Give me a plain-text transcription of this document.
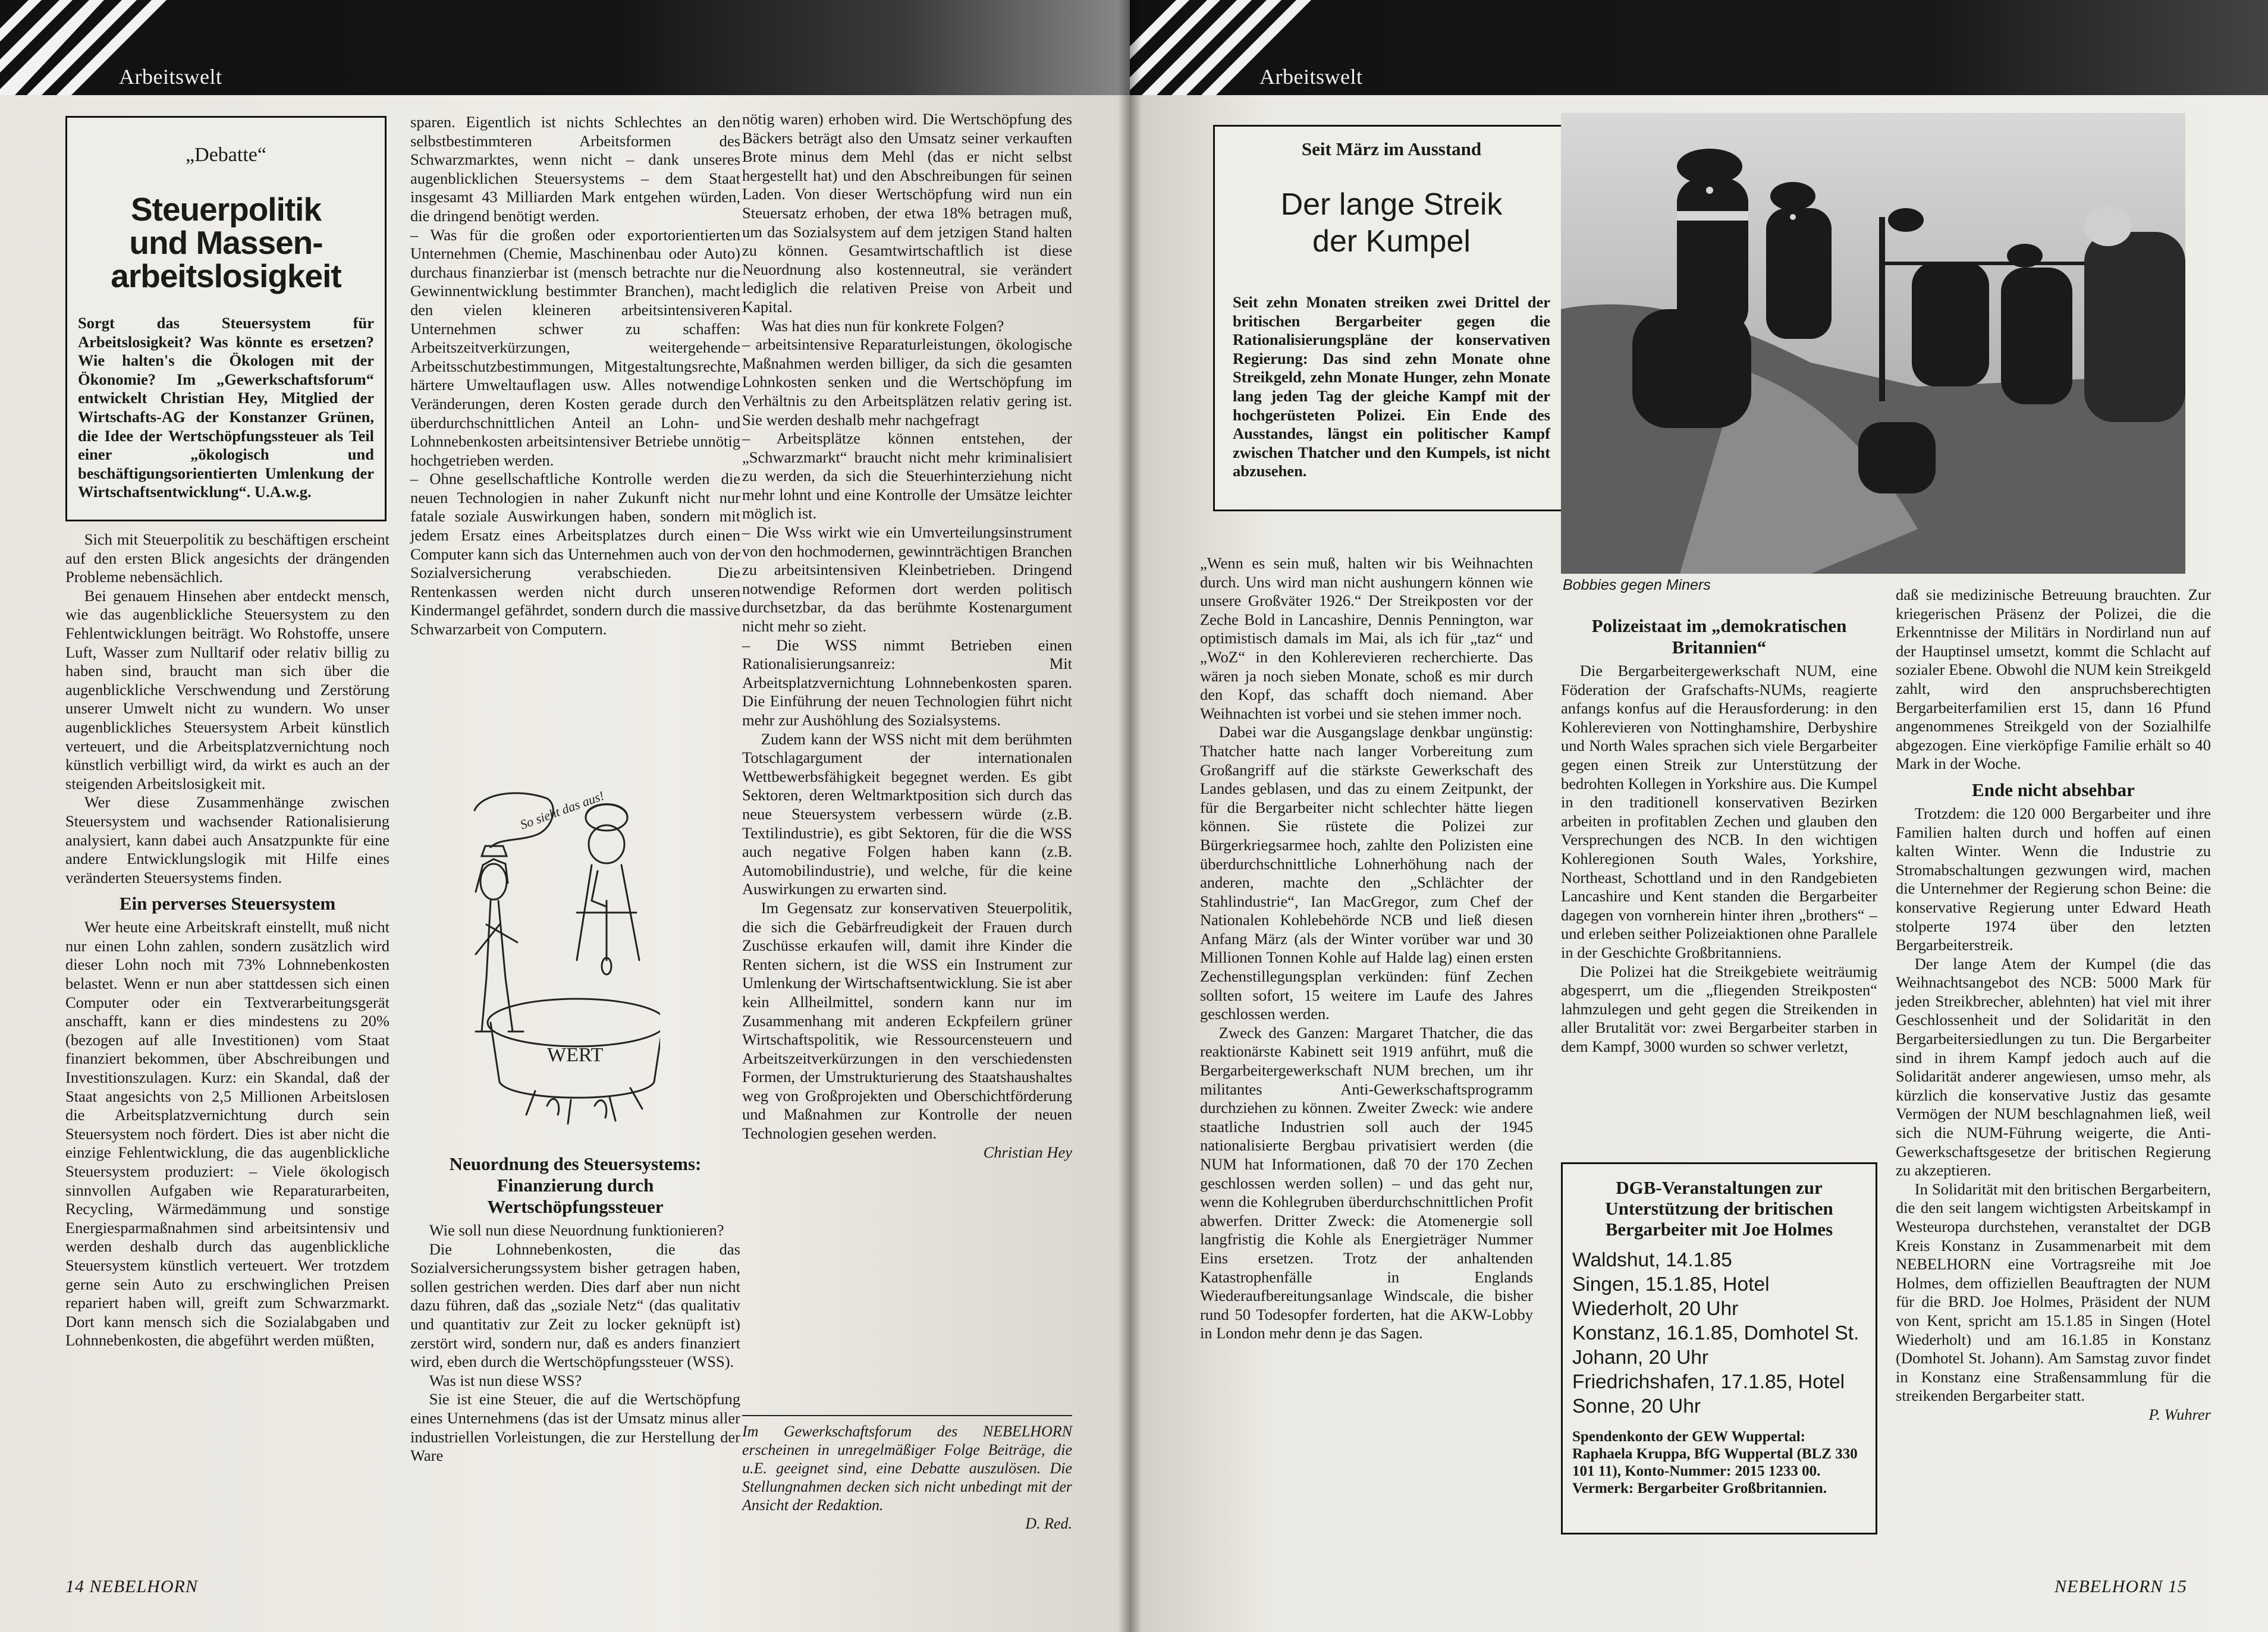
Arbeitswelt
„Debatte“
Steuerpolitik
und Massen-
arbeitslosigkeit
Sorgt das Steuersystem für Arbeitslosigkeit? Was könnte es ersetzen? Wie halten's die Ökologen mit der Ökonomie? Im „Gewerkschaftsforum“ entwickelt Christian Hey, Mitglied der Wirtschafts-AG der Konstanzer Grünen, die Idee der Wertschöpfungssteuer als Teil einer „ökologisch und beschäftigungsorientierten Umlenkung der Wirtschaftsentwicklung“. U.A.w.g.

Sich mit Steuerpolitik zu beschäftigen erscheint auf den ersten Blick angesichts der drängenden Probleme nebensächlich.

Bei genauem Hinsehen aber entdeckt mensch, wie das augenblickliche Steuersystem zu den Fehlentwicklungen beiträgt. Wo Rohstoffe, unsere Luft, Wasser zum Nulltarif oder relativ billig zu haben sind, braucht man sich über die augenblickliche Verschwendung und Zerstörung unserer Umwelt nicht zu wundern. Wo unser augenblickliches Steuersystem Arbeit künstlich verteuert, und die Arbeitsplatzvernichtung noch künstlich verbilligt wird, da wirkt es auch an der steigenden Arbeitslosigkeit mit.

Wer diese Zusammenhänge zwischen Steuersystem und wachsender Rationalisierung analysiert, kann dabei auch Ansatzpunkte für eine andere Entwicklungslogik mit Hilfe eines veränderten Steuersystems finden.

Ein perverses Steuersystem

Wer heute eine Arbeitskraft einstellt, muß nicht nur einen Lohn zahlen, sondern zusätzlich wird dieser Lohn noch mit 73% Lohnnebenkosten belastet. Wenn er nun aber stattdessen sich einen Computer oder ein Textverarbeitungsgerät anschafft, kann er dies mindestens zu 20% (bezogen auf alle Investitionen) vom Staat finanziert bekommen, über Abschreibungen und Investitionszulagen. Kurz: ein Skandal, daß der Staat angesichts von 2,5 Millionen Arbeitslosen die Arbeitsplatzvernichtung durch sein Steuersystem noch fördert. Dies ist aber nicht die einzige Fehlentwicklung, die das augenblickliche Steuersystem produziert: – Viele ökologisch sinnvollen Aufgaben wie Reparaturarbeiten, Recycling, Wärmedämmung und sonstige Energiesparmaßnahmen sind arbeitsintensiv und werden deshalb durch das augenblickliche Steuersystem künstlich verteuert. Wer trotzdem gerne sein Auto zu erschwinglichen Preisen repariert haben will, greift zum Schwarzmarkt. Dort kann mensch sich die Sozialabgaben und Lohnnebenkosten, die abgeführt werden müßten,

sparen. Eigentlich ist nichts Schlechtes an den selbstbestimmteren Arbeitsformen des Schwarzmarktes, wenn nicht – dank unseres augenblicklichen Steuersystems – dem Staat insgesamt 43 Milliarden Mark entgehen würden, die dringend benötigt werden.

– Was für die großen oder exportorientierten Unternehmen (Chemie, Maschinenbau oder Auto) durchaus finanzierbar ist (mensch betrachte nur die Gewinnentwicklung bestimmter Branchen), macht den vielen kleineren arbeitsintensiveren Unternehmen schwer zu schaffen: Arbeitszeitverkürzungen, weitergehende Arbeitsschutzbestimmungen, Mitgestaltungsrechte, härtere Umweltauflagen usw. Alles notwendige Veränderungen, deren Kosten gerade durch den überdurchschnittlichen Anteil an Lohn- und Lohnnebenkosten arbeitsintensiver Betriebe unnötig hochgetrieben werden.

– Ohne gesellschaftliche Kontrolle werden die neuen Technologien in naher Zukunft nicht nur fatale soziale Auswirkungen haben, sondern mit jedem Ersatz eines Arbeitsplatzes durch einen Computer kann sich das Unternehmen auch von der Sozialversicherung verabschieden. Die Rentenkassen werden nicht durch unseren Kindermangel gefährdet, sondern durch die massive Schwarzarbeit von Computern.

So sieht das aus!
WERT
Neuordnung des Steuersystems: Finanzierung durch Wertschöpfungssteuer

Wie soll nun diese Neuordnung funktionieren?

Die Lohnnebenkosten, die das Sozialversicherungssystem bisher getragen haben, sollen gestrichen werden. Dies darf aber nun nicht dazu führen, daß das „soziale Netz“ (das qualitativ und quantitativ zur Zeit zu locker geknüpft ist) zerstört wird, sondern nur, daß es anders finanziert wird, eben durch die Wertschöpfungssteuer (WSS).

Was ist nun diese WSS?

Sie ist eine Steuer, die auf die Wertschöpfung eines Unternehmens (das ist der Umsatz minus aller industriellen Vorleistungen, die zur Herstellung der Ware

nötig waren) erhoben wird. Die Wertschöpfung des Bäckers beträgt also den Umsatz seiner verkauften Brote minus dem Mehl (das er nicht selbst hergestellt hat) und den Abschreibungen für seinen Laden. Von dieser Wertschöpfung wird nun ein Steuersatz erhoben, der etwa 18% betragen muß, um das Sozialsystem auf dem jetzigen Stand halten zu können. Gesamtwirtschaftlich ist diese Neuordnung also kostenneutral, sie verändert lediglich die relativen Preise von Arbeit und Kapital.

Was hat dies nun für konkrete Folgen?

– arbeitsintensive Reparaturleistungen, ökologische Maßnahmen werden billiger, da sich die gesamten Lohnkosten senken und die Wertschöpfung im Verhältnis zu den Arbeitsplätzen relativ gering ist. Sie werden deshalb mehr nachgefragt

– Arbeitsplätze können entstehen, der „Schwarzmarkt“ braucht nicht mehr kriminalisiert zu werden, da sich die Steuerhinterziehung nicht mehr lohnt und eine Kontrolle der Umsätze leichter möglich ist.

– Die Wss wirkt wie ein Umverteilungsinstrument von den hochmodernen, gewinnträchtigen Branchen zu arbeitsintensiven Kleinbetrieben. Dringend notwendige Reformen dort werden politisch durchsetzbar, da das berühmte Kostenargument nicht mehr so zieht.

– Die WSS nimmt Betrieben einen Rationalisierungsanreiz: Mit Arbeitsplatzvernichtung Lohnnebenkosten sparen. Die Einführung der neuen Technologien führt nicht mehr zur Aushöhlung des Sozialsystems.

Zudem kann der WSS nicht mit dem berühmten Totschlagargument der internationalen Wettbewerbsfähigkeit begegnet werden. Es gibt Sektoren, deren Weltmarktposition sich durch das neue Steuersystem verbessern würde (z.B. Textilindustrie), es gibt Sektoren, für die die WSS auch negative Folgen haben kann (z.B. Automobilindustrie), und welche, für die keine Auswirkungen zu erwarten sind.

Im Gegensatz zur konservativen Steuerpolitik, die sich die Gebärfreudigkeit der Frauen durch Zuschüsse erkaufen will, damit ihre Kinder die Renten sichern, ist die WSS ein Instrument zur Umlenkung der Wirtschaftsentwicklung. Sie ist aber kein Allheilmittel, sondern kann nur im Zusammenhang mit anderen Eckpfeilern grüner Wirtschaftspolitik, wie Ressourcensteuern und Arbeitszeitverkürzungen in den verschiedensten Formen, der Umstrukturierung des Staatshaushaltes weg von Großprojekten und Oberschichtförderung und Maßnahmen zur Kontrolle der neuen Technologien gesehen werden.

Christian Hey

Im Gewerkschaftsforum des NEBELHORN erscheinen in unregelmäßiger Folge Beiträge, die u.E. geeignet sind, eine Debatte auszulösen. Die Stellungnahmen decken sich nicht unbedingt mit der Ansicht der Redaktion.
D. Red.
14 NEBELHORN
Arbeitswelt
Seit März im Ausstand
Der lange Streik
der Kumpel
Seit zehn Monaten streiken zwei Drittel der britischen Bergarbeiter gegen die Rationalisierungspläne der konservativen Regierung: Das sind zehn Monate ohne Streikgeld, zehn Monate Hunger, zehn Monate lang jeden Tag der gleiche Kampf mit der hochgerüsteten Polizei. Ein Ende des Ausstandes, längst ein politischer Kampf zwischen Thatcher und den Kumpels, ist nicht abzusehen.
Bobbies gegen Miners

„Wenn es sein muß, halten wir bis Weihnachten durch. Uns wird man nicht aushungern können wie unsere Großväter 1926.“ Der Streikposten vor der Zeche Bold in Lancashire, Dennis Pennington, war optimistisch damals im Mai, als ich für „taz“ und „WoZ“ in den Kohlerevieren recherchierte. Das wären ja noch sieben Monate, schoß es mir durch den Kopf, das schafft doch niemand. Aber Weihnachten ist vorbei und sie stehen immer noch.

Dabei war die Ausgangslage denkbar ungünstig: Thatcher hatte nach langer Vorbereitung zum Großangriff auf die stärkste Gewerkschaft des Landes geblasen, und das zu einem Zeitpunkt, der für die Bergarbeiter nicht schlechter hätte liegen können. Sie rüstete die Polizei zur Bürgerkriegsarmee hoch, zahlte den Polizisten eine überdurchschnittliche Lohnerhöhung nach der anderen, machte den „Schlächter der Stahlindustrie“, Ian MacGregor, zum Chef der Nationalen Kohlebehörde NCB und ließ diesen Anfang März (als der Winter vorüber war und 30 Millionen Tonnen Kohle auf Halde lag) einen ersten Zechenstillegungsplan verkünden: fünf Zechen sollten sofort, 15 weitere im Laufe des Jahres geschlossen werden.

Zweck des Ganzen: Margaret Thatcher, die das reaktionärste Kabinett seit 1919 anführt, muß die Bergarbeitergewerkschaft NUM brechen, um ihr militantes Anti-Gewerkschaftsprogramm durchziehen zu können. Zweiter Zweck: wie andere staatliche Industrien soll auch der 1945 nationalisierte Bergbau privatisiert werden (die NUM hat Informationen, daß 70 der 170 Zechen geschlossen werden sollen) – und das geht nur, wenn die Kohlegruben überdurchschnittlichen Profit abwerfen. Dritter Zweck: die Atomenergie soll langfristig die Kohle als Energieträger Nummer Eins ersetzen. Trotz der anhaltenden Katastrophenfälle in Englands Wiederaufbereitungsanlage Windscale, die bisher rund 50 Todesopfer forderten, hat die AKW-Lobby in London mehr denn je das Sagen.

Polizeistaat im „demokratischen Britannien“

Die Bergarbeitergewerkschaft NUM, eine Föderation der Grafschafts-NUMs, reagierte anfangs konfus auf die Herausforderung: in den Kohlerevieren von Nottinghamshire, Derbyshire und North Wales sprachen sich viele Bergarbeiter gegen einen Streik zur Unterstützung der bedrohten Kollegen in Yorkshire aus. Die Kumpel in den traditionell konservativen Bezirken arbeiten in profitablen Zechen und glauben den Versprechungen des NCB. In den wichtigen Kohleregionen South Wales, Yorkshire, Northeast, Schottland und in den Randgebieten Lancashire und Kent standen die Bergarbeiter dagegen von vornherein hinter ihren „brothers“ – und erleben seither Polizeiaktionen ohne Parallele in der Geschichte Großbritanniens.

Die Polizei hat die Streikgebiete weiträumig abgesperrt, um die „fliegenden Streikposten“ lahmzulegen und geht gegen die Streikenden in aller Brutalität vor: zwei Bergarbeiter starben in dem Kampf, 3000 wurden so schwer verletzt,

DGB-Veranstaltungen zur Unterstützung der britischen Bergarbeiter mit Joe Holmes
Waldshut, 14.1.85
Singen, 15.1.85, Hotel Wiederholt, 20 Uhr
Konstanz, 16.1.85, Domhotel St. Johann, 20 Uhr
Friedrichshafen, 17.1.85, Hotel Sonne, 20 Uhr
Spendenkonto der GEW Wuppertal: Raphaela Kruppa, BfG Wuppertal (BLZ 330 101 11), Konto-Nummer: 2015 1233 00. Vermerk: Bergarbeiter Großbritannien.

daß sie medizinische Betreuung brauchten. Zur kriegerischen Präsenz der Polizei, die die Erkenntnisse der Militärs in Nordirland nun auf der Hauptinsel umsetzt, kommt die Schlacht auf sozialer Ebene. Obwohl die NUM kein Streikgeld zahlt, wird den anspruchsberechtigten Bergarbeiterfamilien erst 15, dann 16 Pfund angenommenes Streikgeld von der Sozialhilfe abgezogen. Eine vierköpfige Familie erhält so 40 Mark in der Woche.

Ende nicht absehbar

Trotzdem: die 120 000 Bergarbeiter und ihre Familien halten durch und hoffen auf einen kalten Winter. Wenn die Industrie zu Stromabschaltungen gezwungen wird, machen die Unternehmer der Regierung schon Beine: die konservative Regierung unter Edward Heath stolperte 1974 über den letzten Bergarbeiterstreik.

Der lange Atem der Kumpel (die das Weihnachtsangebot des NCB: 5000 Mark für jeden Streikbrecher, ablehnten) hat viel mit ihrer Geschlossenheit und der Solidarität in den Bergarbeitersiedlungen zu tun. Die Bergarbeiter sind in ihrem Kampf jedoch auch auf die Solidarität anderer angewiesen, umso mehr, als kürzlich die konservative Justiz das gesamte Vermögen der NUM beschlagnahmen ließ, weil sich die NUM-Führung weigerte, die Anti-Gewerkschaftsgesetze der britischen Regierung zu akzeptieren.

In Solidarität mit den britischen Bergarbeitern, die den seit langem wichtigsten Arbeitskampf in Westeuropa durchstehen, veranstaltet der DGB Kreis Konstanz in Zusammenarbeit mit dem NEBELHORN eine Vortragsreihe mit Joe Holmes, dem offiziellen Beauftragten der NUM für die BRD. Joe Holmes, Präsident der NUM von Kent, spricht am 15.1.85 in Singen (Hotel Wiederholt) und am 16.1.85 in Konstanz (Domhotel St. Johann). Am Samstag zuvor findet in Konstanz eine Straßensammlung für die streikenden Bergarbeiter statt.

P. Wuhrer

NEBELHORN 15
